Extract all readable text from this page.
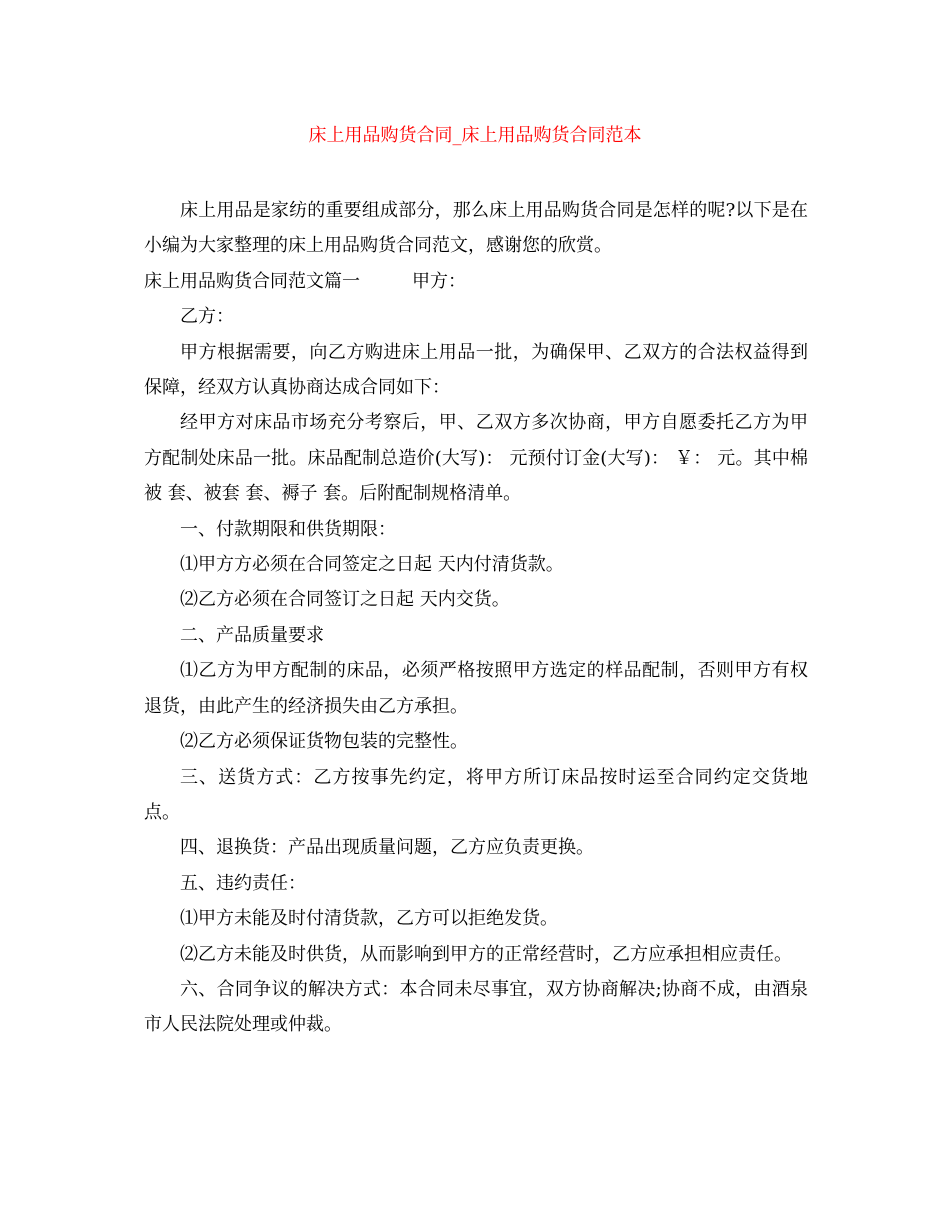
床上用品购货合同_床上用品购货合同范本

床上用品是家纺的重要组成部分，那么床上用品购货合同是怎样的呢?以下是在小编为大家整理的床上用品购货合同范文，感谢您的欣赏。

床上用品购货合同范文篇一	甲方：

乙方：

甲方根据需要，向乙方购进床上用品一批，为确保甲、乙双方的合法权益得到保障，经双方认真协商达成合同如下：

经甲方对床品市场充分考察后，甲、乙双方多次协商，甲方自愿委托乙方为甲方配制处床品一批。床品配制总造价(大写)： 元预付订金(大写)： ￥： 元。其中棉被 套、被套 套、褥子 套。后附配制规格清单。

一、付款期限和供货期限：

⑴甲方方必须在合同签定之日起 天内付清货款。

⑵乙方必须在合同签订之日起 天内交货。

二、产品质量要求

⑴乙方为甲方配制的床品，必须严格按照甲方选定的样品配制，否则甲方有权退货，由此产生的经济损失由乙方承担。

⑵乙方必须保证货物包装的完整性。

三、送货方式：乙方按事先约定，将甲方所订床品按时运至合同约定交货地点。

四、退换货：产品出现质量问题，乙方应负责更换。

五、违约责任：

⑴甲方未能及时付清货款，乙方可以拒绝发货。

⑵乙方未能及时供货，从而影响到甲方的正常经营时，乙方应承担相应责任。

六、合同争议的解决方式：本合同未尽事宜，双方协商解决;协商不成，由酒泉市人民法院处理或仲裁。
